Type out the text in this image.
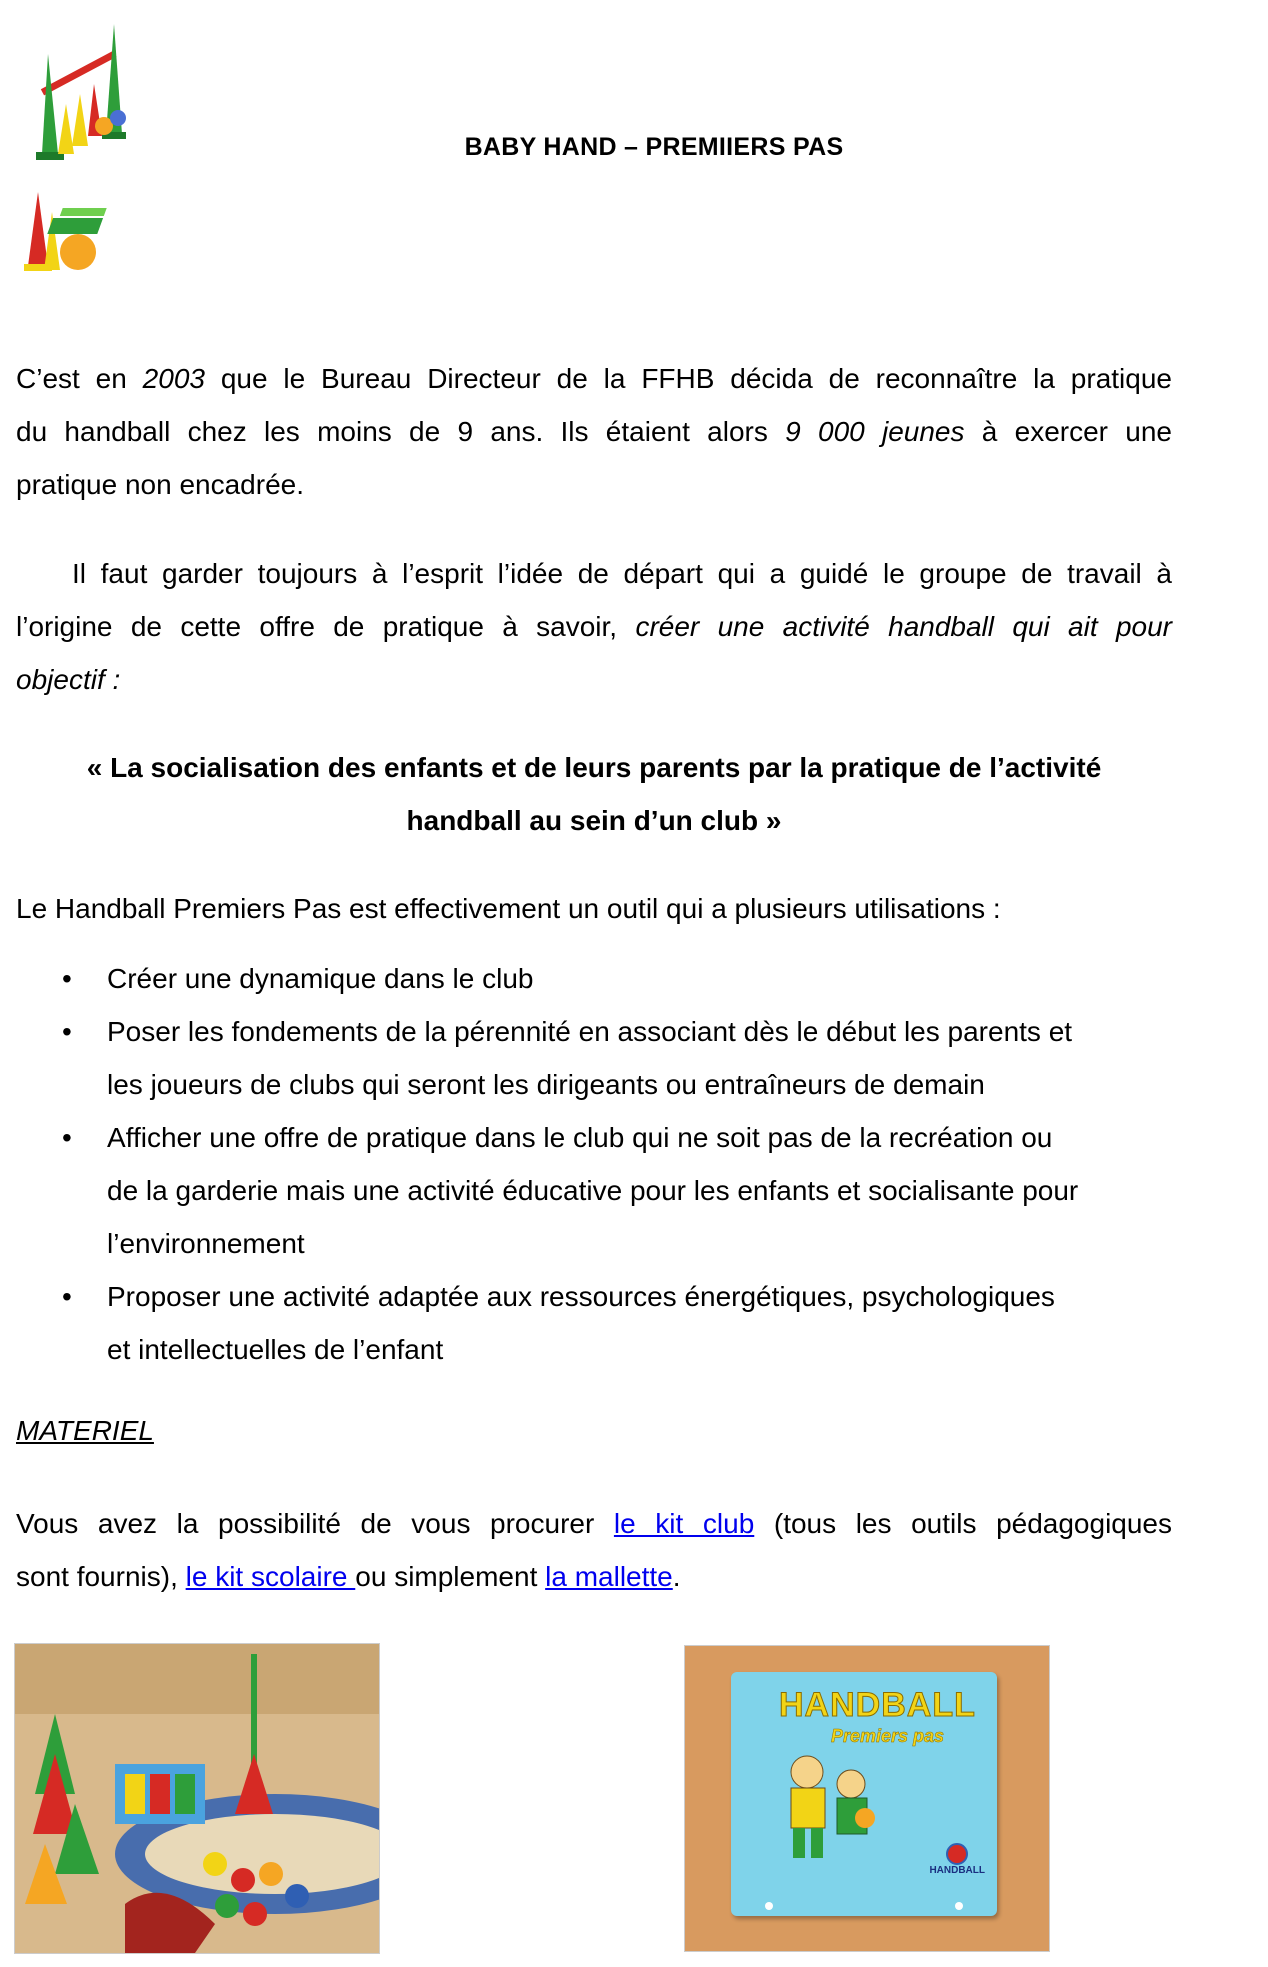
BABY HAND – PREMIIERS PAS
C’est en 2003 que le Bureau Directeur de la FFHB décida de reconnaître la pratique
du handball chez les moins de 9 ans. Ils étaient alors 9 000 jeunes à exercer une
pratique non encadrée.
Il faut garder toujours à l’esprit l’idée de départ qui a guidé le groupe de travail à
l’origine de cette offre de pratique à savoir, créer une activité handball qui ait pour
objectif :
« La socialisation des enfants et de leurs parents par la pratique de l’activité
handball au sein d’un club »
Le Handball Premiers Pas est effectivement un outil qui a plusieurs utilisations :
• Créer une dynamique dans le club
• Poser les fondements de la pérennité en associant dès le début les parents et
les joueurs de clubs qui seront les dirigeants ou entraîneurs de demain
• Afficher une offre de pratique dans le club qui ne soit pas de la recréation ou
de la garderie mais une activité éducative pour les enfants et socialisante pour
l’environnement
• Proposer une activité adaptée aux ressources énergétiques, psychologiques
et intellectuelles de l’enfant
MATERIEL
Vous avez la possibilité de vous procurer le kit club (tous les outils pédagogiques
sont fournis), le kit scolaire ou simplement la mallette.
HANDBALL
Premiers pas
HANDBALL
